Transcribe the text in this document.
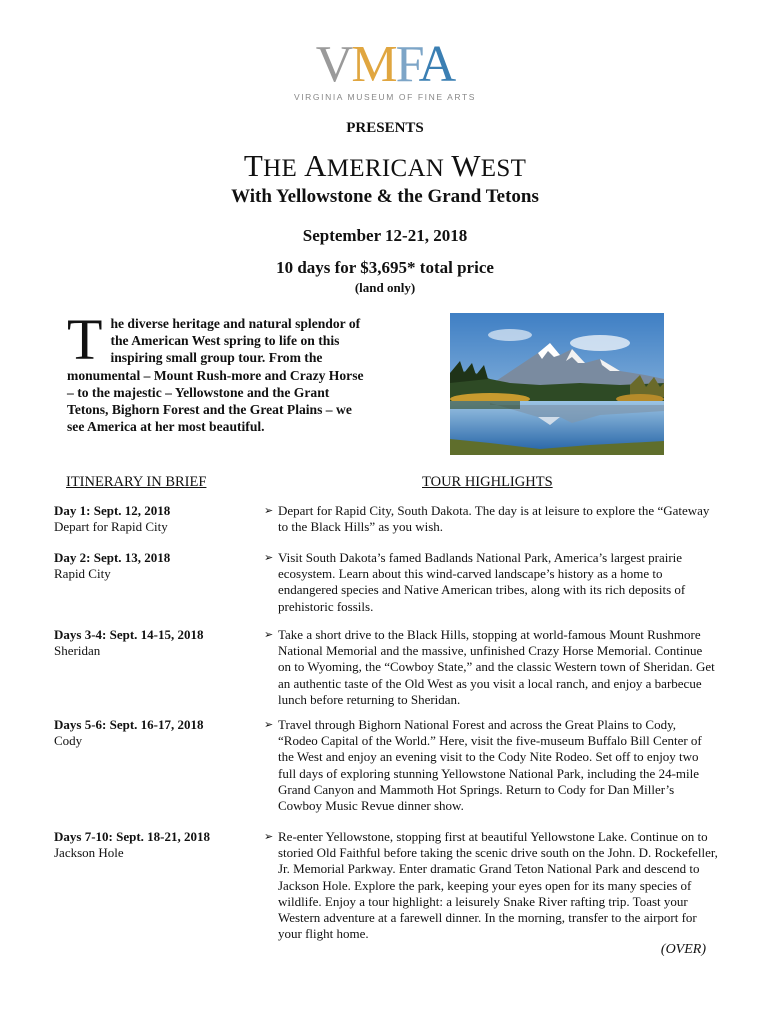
VMFA
VIRGINIA MUSEUM OF FINE ARTS
PRESENTS
THE AMERICAN WEST
With Yellowstone & the Grand Tetons
September 12-21, 2018
10 days for $3,695* total price
(land only)
T he diverse heritage and natural splendor of the American West spring to life on this inspiring small group tour. From the monumental – Mount Rush-more and Crazy Horse – to the majestic – Yellowstone and the Grant Tetons, Bighorn Forest and the Great Plains – we see America at her most beautiful.
ITINERARY IN BRIEF	TOUR HIGHLIGHTS
Day 1: Sept. 12, 2018
Depart for Rapid City
➢ Depart for Rapid City, South Dakota. The day is at leisure to explore the “Gateway to the Black Hills” as you wish.
Day 2: Sept. 13, 2018
Rapid City
➢ Visit South Dakota’s famed Badlands National Park, America’s largest prairie ecosystem. Learn about this wind-carved landscape’s history as a home to endangered species and Native American tribes, along with its rich deposits of prehistoric fossils.
Days 3-4: Sept. 14-15, 2018
Sheridan
➢ Take a short drive to the Black Hills, stopping at world-famous Mount Rushmore National Memorial and the massive, unfinished Crazy Horse Memorial. Continue on to Wyoming, the “Cowboy State,” and the classic Western town of Sheridan. Get an authentic taste of the Old West as you visit a local ranch, and enjoy a barbecue lunch before returning to Sheridan.
Days 5-6: Sept. 16-17, 2018
Cody
➢ Travel through Bighorn National Forest and across the Great Plains to Cody, “Rodeo Capital of the World.” Here, visit the five-museum Buffalo Bill Center of the West and enjoy an evening visit to the Cody Nite Rodeo. Set off to enjoy two full days of exploring stunning Yellowstone National Park, including the 24-mile Grand Canyon and Mammoth Hot Springs. Return to Cody for Dan Miller’s Cowboy Music Revue dinner show.
Days 7-10: Sept. 18-21, 2018
Jackson Hole
➢ Re-enter Yellowstone, stopping first at beautiful Yellowstone Lake. Continue on to storied Old Faithful before taking the scenic drive south on the John. D. Rockefeller, Jr. Memorial Parkway. Enter dramatic Grand Teton National Park and descend to Jackson Hole. Explore the park, keeping your eyes open for its many species of wildlife. Enjoy a tour highlight: a leisurely Snake River rafting trip. Toast your Western adventure at a farewell dinner. In the morning, transfer to the airport for your flight home.
(OVER)
